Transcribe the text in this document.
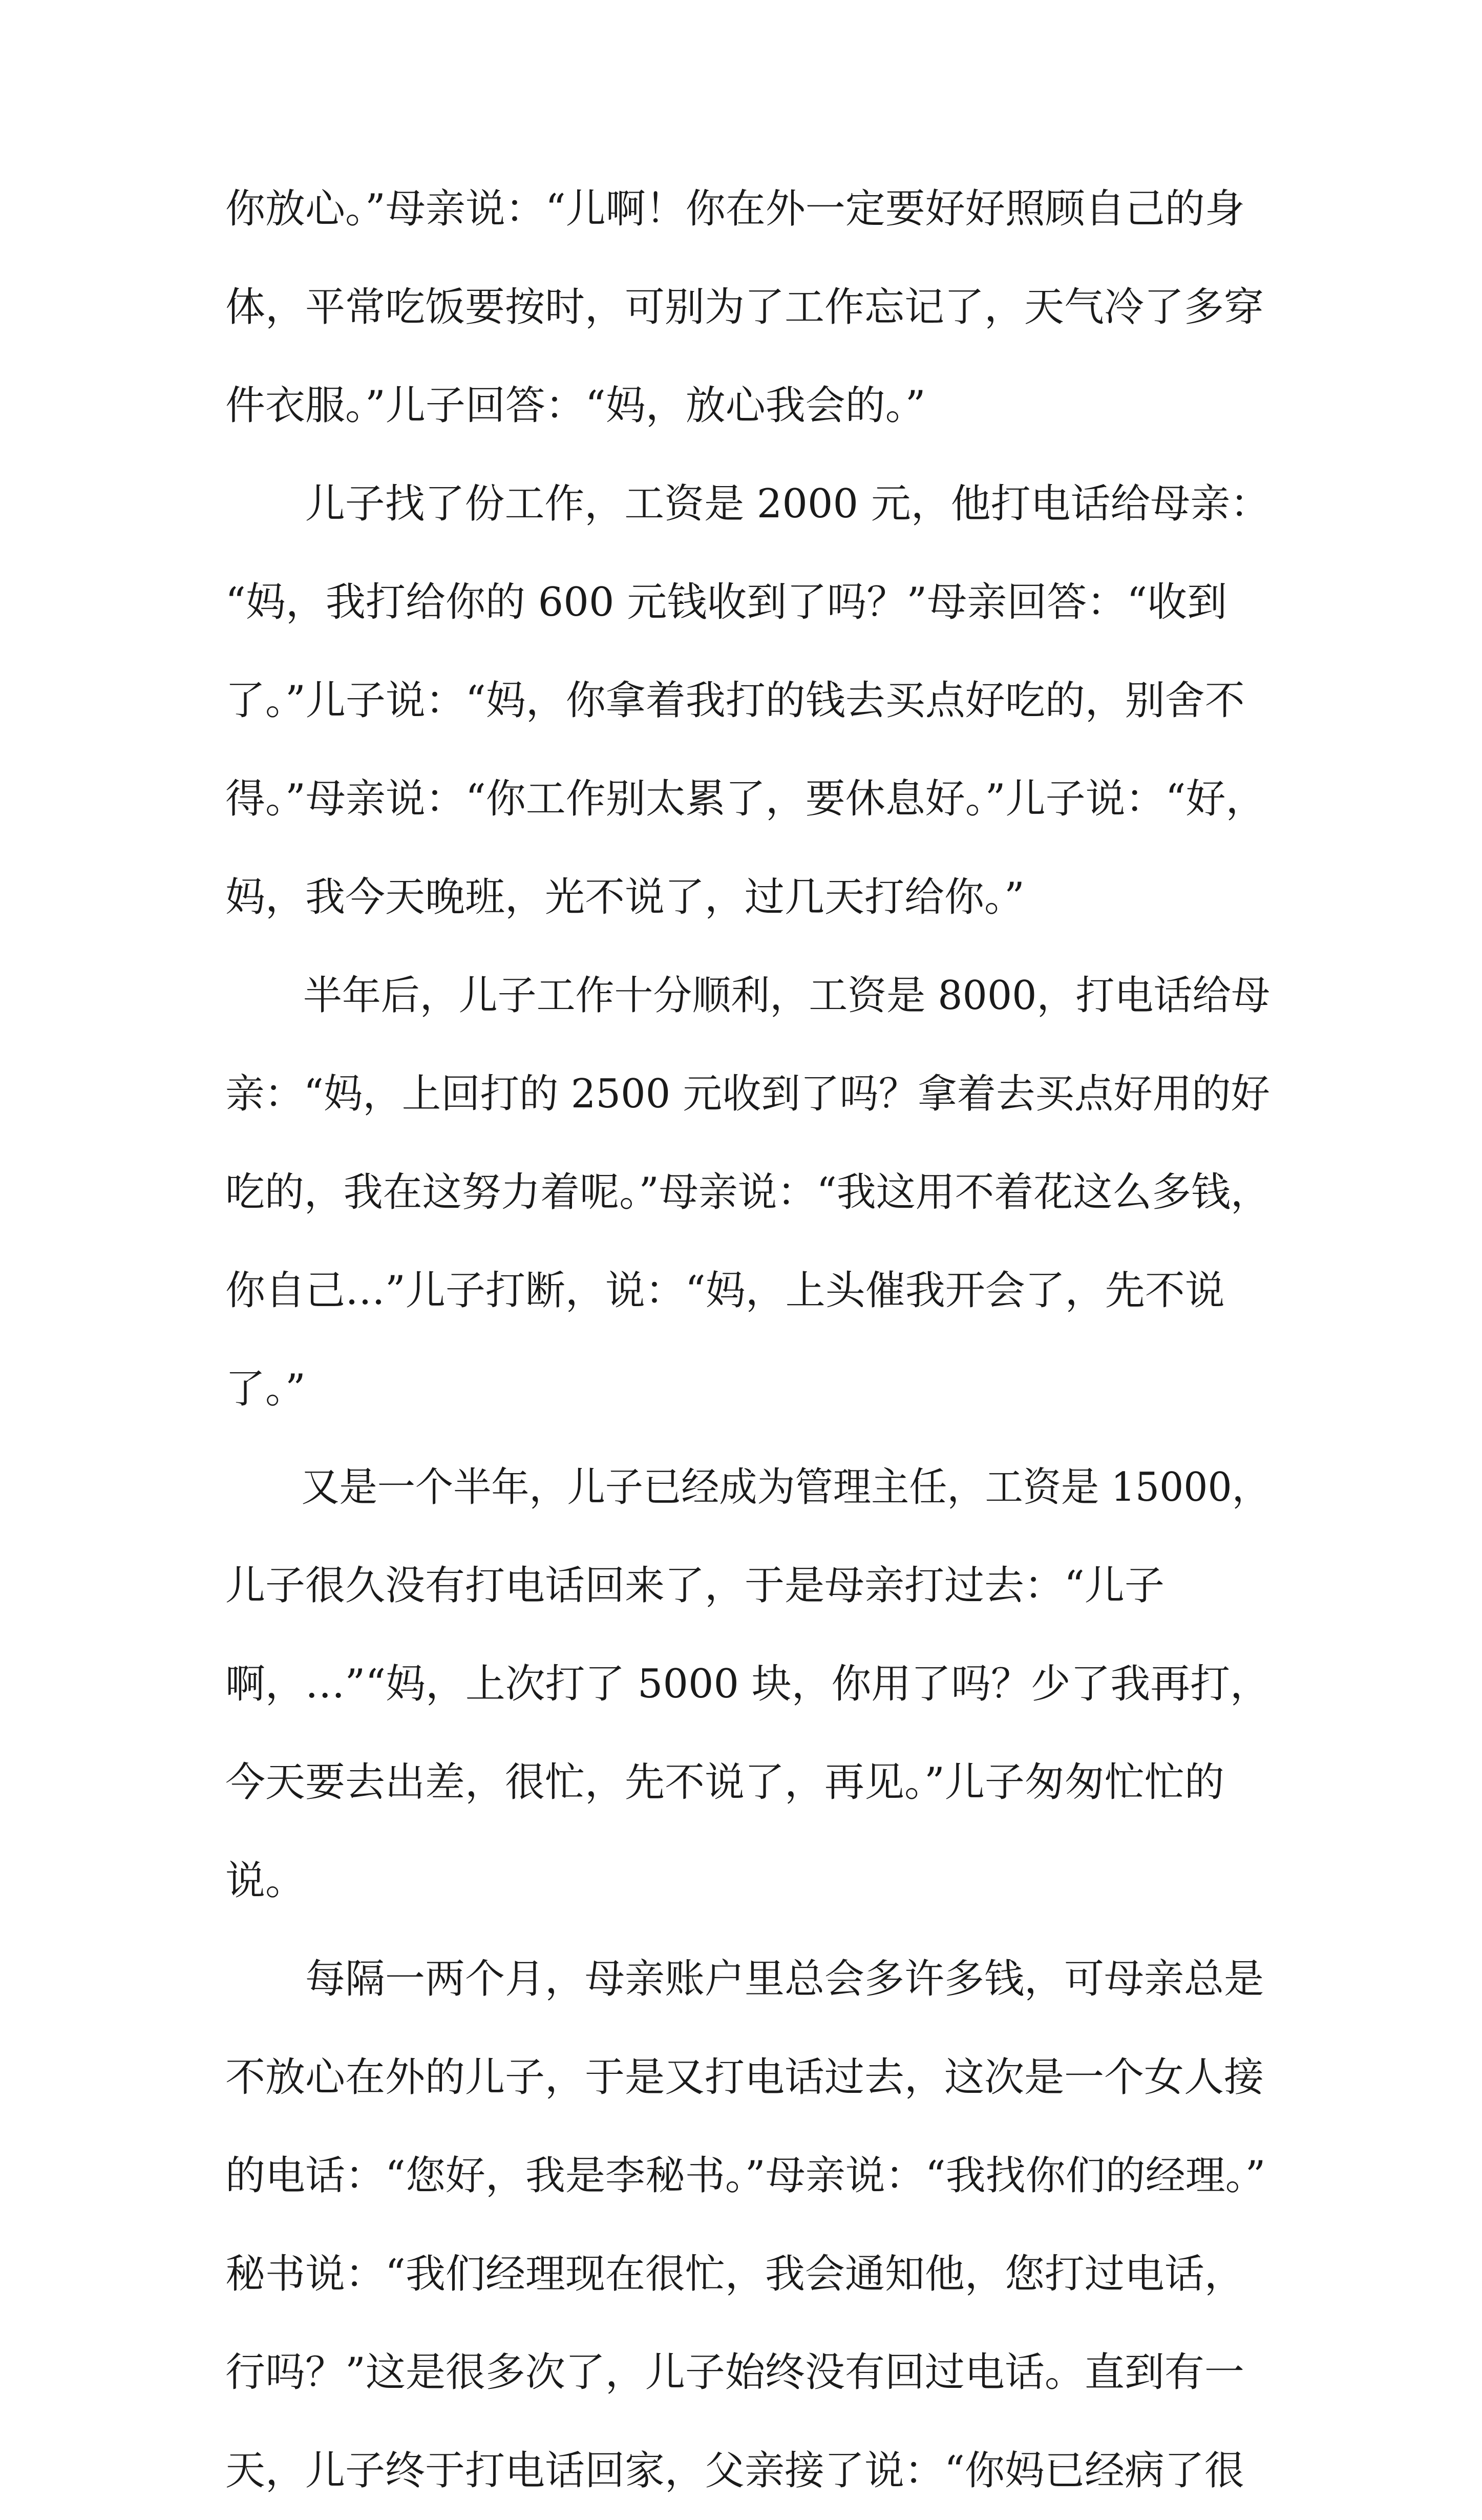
你放心。”母亲说：“儿啊！你在外一定要好好照顾自己的身
体，平常吃饭要按时，可别为了工作忘记了，天气冷了多穿
件衣服。”儿子回答：“妈，放心我会的。”
　　儿子找了份工作，工资是 2000 元，他打电话给母亲：
“妈，我打给你的 600 元钱收到了吗？”母亲回答：“收到
了。”儿子说：“妈，你拿着我打的钱去买点好吃的，别舍不
得。”母亲说：“你工作别太累了，要休息好。”儿子说：“好，
妈，我今天晚班，光不说了，过几天打给你。”
　　半年后，儿子工作十分顺利，工资是 8000，打电话给母
亲：“妈，上回打的 2500 元收到了吗？拿着去买点好用的好
吃的，我在这努力着呢。”母亲说：“我这用不着花这么多钱，
你自己…”儿子打断，说：“妈，上头催我开会了，先不说
了。”
　　又是一个半年，儿子已经成为管理主任，工资是 15000，
儿子很久没有打电话回来了，于是母亲打过去：“儿子
啊，…”“妈，上次打了 5000 块，你用了吗？少了我再打，
今天要去出差，很忙，先不说了，再见。”儿子匆匆忙忙的
说。
　　每隔一两个月，母亲账户里总会多许多钱，可母亲总是
不放心在外的儿子，于是又打电话过去，这次是一个女人接
的电话：“您好，我是李秘书。”母亲说：“我找你们的经理。”
秘书说：“我们经理现在很忙，我会通知他，您打过电话，
行吗？”这是很多次了，儿子始终没有回过电话。直到有一
天，儿子终于打电话回家，父亲接了说：“你妈已经病了很
